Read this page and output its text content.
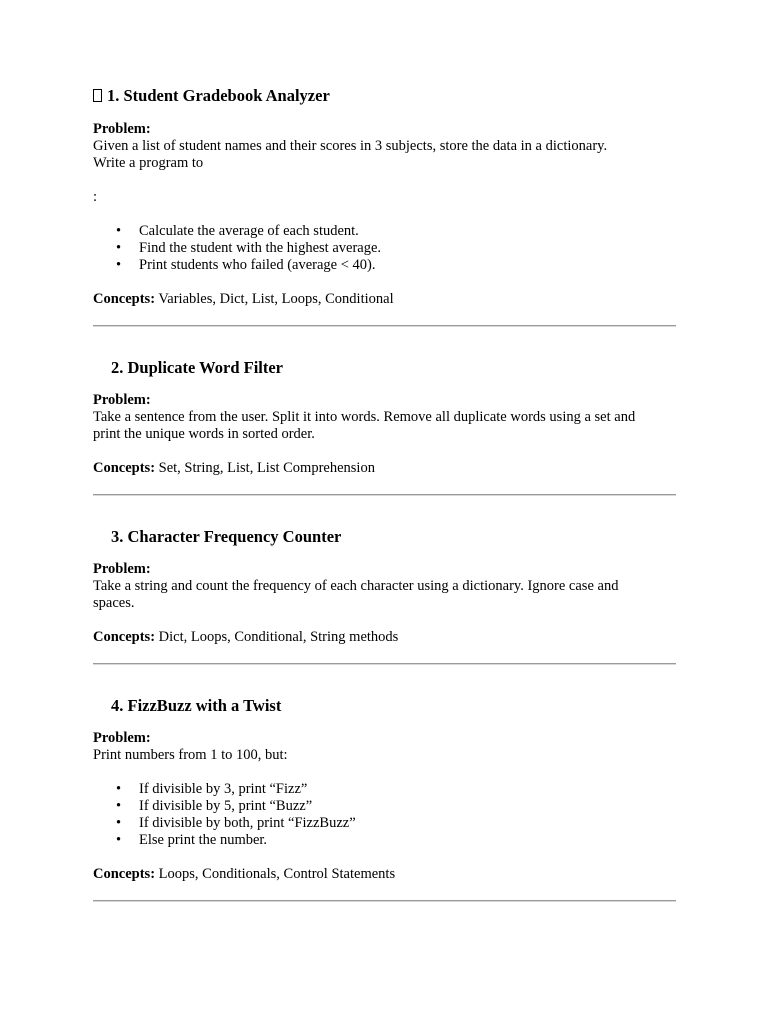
1. Student Gradebook Analyzer
Problem:
Given a list of student names and their scores in 3 subjects, store the data in a dictionary.
Write a program to
:
• Calculate the average of each student.
• Find the student with the highest average.
• Print students who failed (average < 40).
Concepts: Variables, Dict, List, Loops, Conditional
2. Duplicate Word Filter
Problem:
Take a sentence from the user. Split it into words. Remove all duplicate words using a set and
print the unique words in sorted order.
Concepts: Set, String, List, List Comprehension
3. Character Frequency Counter
Problem:
Take a string and count the frequency of each character using a dictionary. Ignore case and
spaces.
Concepts: Dict, Loops, Conditional, String methods
4. FizzBuzz with a Twist
Problem:
Print numbers from 1 to 100, but:
• If divisible by 3, print “Fizz”
• If divisible by 5, print “Buzz”
• If divisible by both, print “FizzBuzz”
• Else print the number.
Concepts: Loops, Conditionals, Control Statements
